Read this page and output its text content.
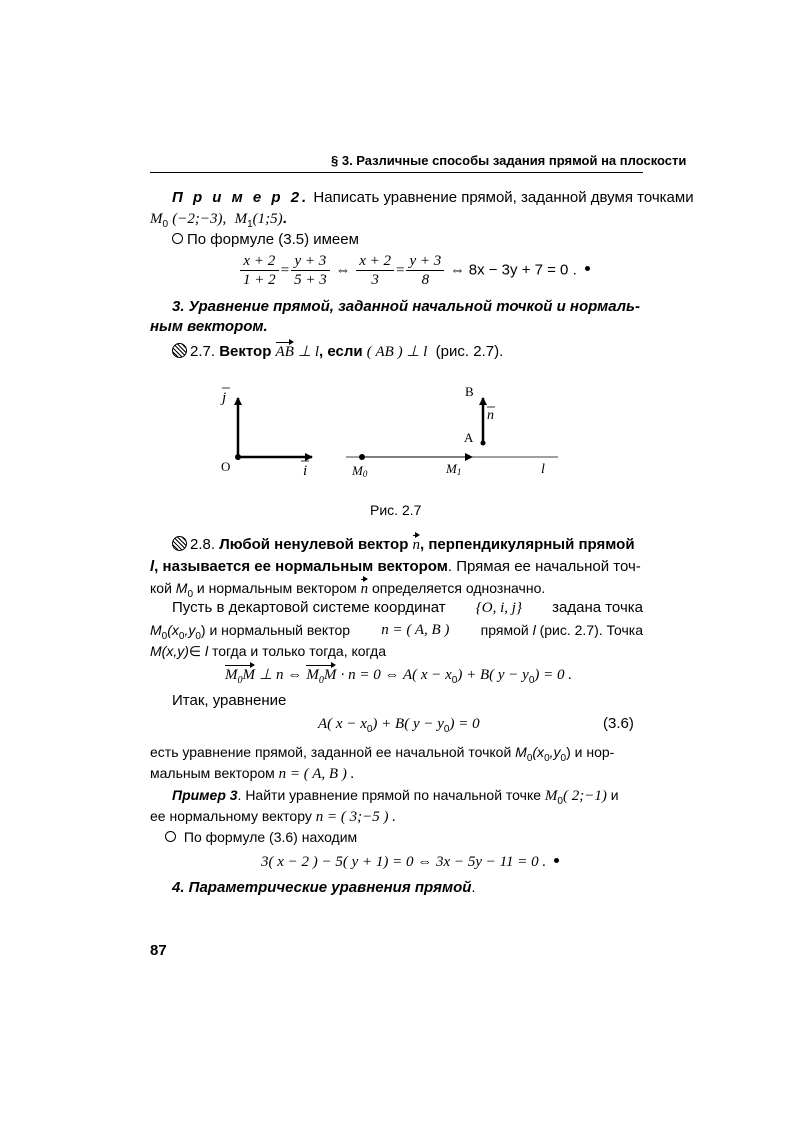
§ 3. Различные способы задания прямой на плоскости
П р и м е р 2. Написать уравнение прямой, заданной двумя точками
$M_0$ (−2;−3), $M_1(1;5)$.
По формуле (3.5) имеем
$\frac{x + 2}{1 + 2} = \frac{y + 3}{5 + 3}$ ⇔ $\frac{x + 2}{3} = \frac{y + 3}{8}$ ⇔ 8x − 3y + 7 = 0 .
3. Уравнение прямой, заданной начальной точкой и нормаль-
ным вектором.
2.7. Вектор AB ⊥ l, если ( AB ) ⊥ l (рис. 2.7).
j
O	i	M0	M1	l
B
A
n
Рис. 2.7
2.8. Любой ненулевой вектор n, перпендикулярный прямой
l, называется ее нормальным вектором. Прямая ее начальной точ-
кой $M_0$ и нормальным вектором n определяется однозначно.
Пусть в декартовой системе координат {O, i, j} задана точка
$M_0(x_0,y_0)$ и нормальный вектор n = ( A, B ) прямой l (рис. 2.7). Точка
M(x,y)∈ l тогда и только тогда, когда
$M_0M$ ⊥ n ⇔ $M_0M \cdot n = 0$ ⇔ A( $x - x_0) + B$( $y - y_0) = 0$ .
Итак, уравнение
A( $x - x_0) + B$( $y - y_0) = 0$	(3.6)
есть уравнение прямой, заданной ее начальной точкой $M_0(x_0,y_0)$ и нор-
мальным вектором n = ( A, B ) .
Пример 3. Найти уравнение прямой по начальной точке $M_0$( 2;−1) и
ее нормальному вектору n = ( 3;−5 ) .
По формуле (3.6) находим
3( x − 2 ) − 5( y + 1) = 0 ⇔ 3x − 5y − 11 = 0 .
4. Параметрические уравнения прямой.
87
